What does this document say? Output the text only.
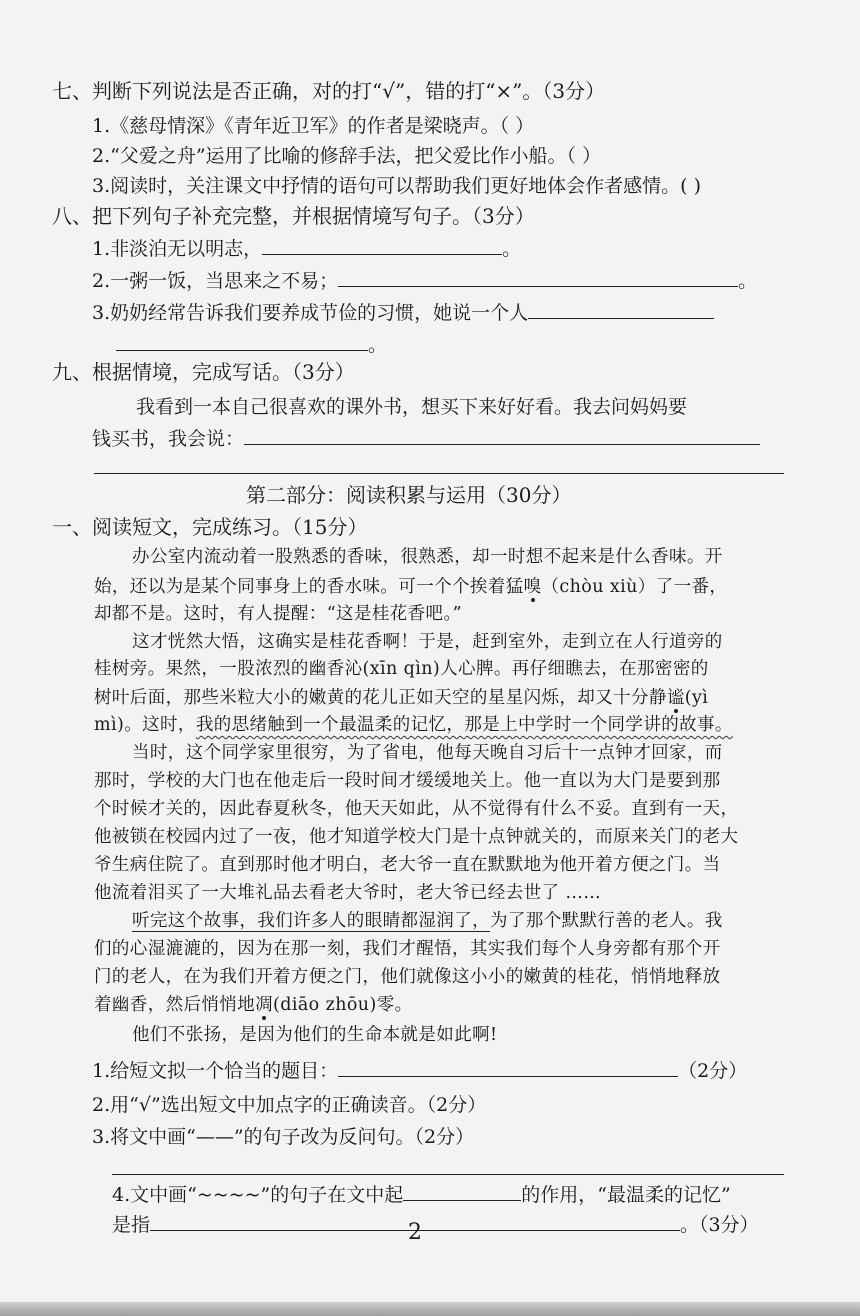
七、判断下列说法是否正确，对的打“√”，错的打“×”。（3分）
1.《慈母情深》《青年近卫军》的作者是梁晓声。（ ）
2.“父爱之舟”运用了比喻的修辞手法，把父爱比作小船。（ ）
3.阅读时，关注课文中抒情的语句可以帮助我们更好地体会作者感情。( )
八、把下列句子补充完整，并根据情境写句子。（3分）
1.非淡泊无以明志，	。
2.一粥一饭，当思来之不易；	。
3.奶奶经常告诉我们要养成节俭的习惯，她说一个人
。
九、根据情境，完成写话。（3分）
我看到一本自己很喜欢的课外书，想买下来好好看。我去问妈妈要
钱买书，我会说：
第二部分：阅读积累与运用（30分）
一、阅读短文，完成练习。（15分）
办公室内流动着一股熟悉的香味，很熟悉，却一时想不起来是什么香味。开
始，还以为是某个同事身上的香水味。可一个个挨着猛嗅（chòu xiù）了一番，
却都不是。这时，有人提醒：“这是桂花香吧。”
这才恍然大悟，这确实是桂花香啊！于是，赶到室外，走到立在人行道旁的
桂树旁。果然，一股浓烈的幽香沁(xīn qìn)人心脾。再仔细瞧去，在那密密的
树叶后面，那些米粒大小的嫩黄的花儿正如天空的星星闪烁，却又十分静谧(yì
mì)。这时，我的思绪触到一个最温柔的记忆，那是上中学时一个同学讲的故事。
当时，这个同学家里很穷，为了省电，他每天晚自习后十一点钟才回家，而
那时，学校的大门也在他走后一段时间才缓缓地关上。他一直以为大门是要到那
个时候才关的，因此春夏秋冬，他天天如此，从不觉得有什么不妥。直到有一天，
他被锁在校园内过了一夜，他才知道学校大门是十点钟就关的，而原来关门的老大
爷生病住院了。直到那时他才明白，老大爷一直在默默地为他开着方便之门。当
他流着泪买了一大堆礼品去看老大爷时，老大爷已经去世了 ……
听完这个故事，我们许多人的眼睛都湿润了，为了那个默默行善的老人。我
们的心湿漉漉的，因为在那一刻，我们才醒悟，其实我们每个人身旁都有那个开
门的老人，在为我们开着方便之门，他们就像这小小的嫩黄的桂花，悄悄地释放
着幽香，然后悄悄地凋(diāo zhōu)零。
他们不张扬，是因为他们的生命本就是如此啊!
1.给短文拟一个恰当的题目：	（2分）
2.用“√”选出短文中加点字的正确读音。（2分）
3.将文中画“——”的句子改为反问句。（2分）
4.文中画“~~~~”的句子在文中起	的作用，“最温柔的记忆”
是指	。（3分）
2
